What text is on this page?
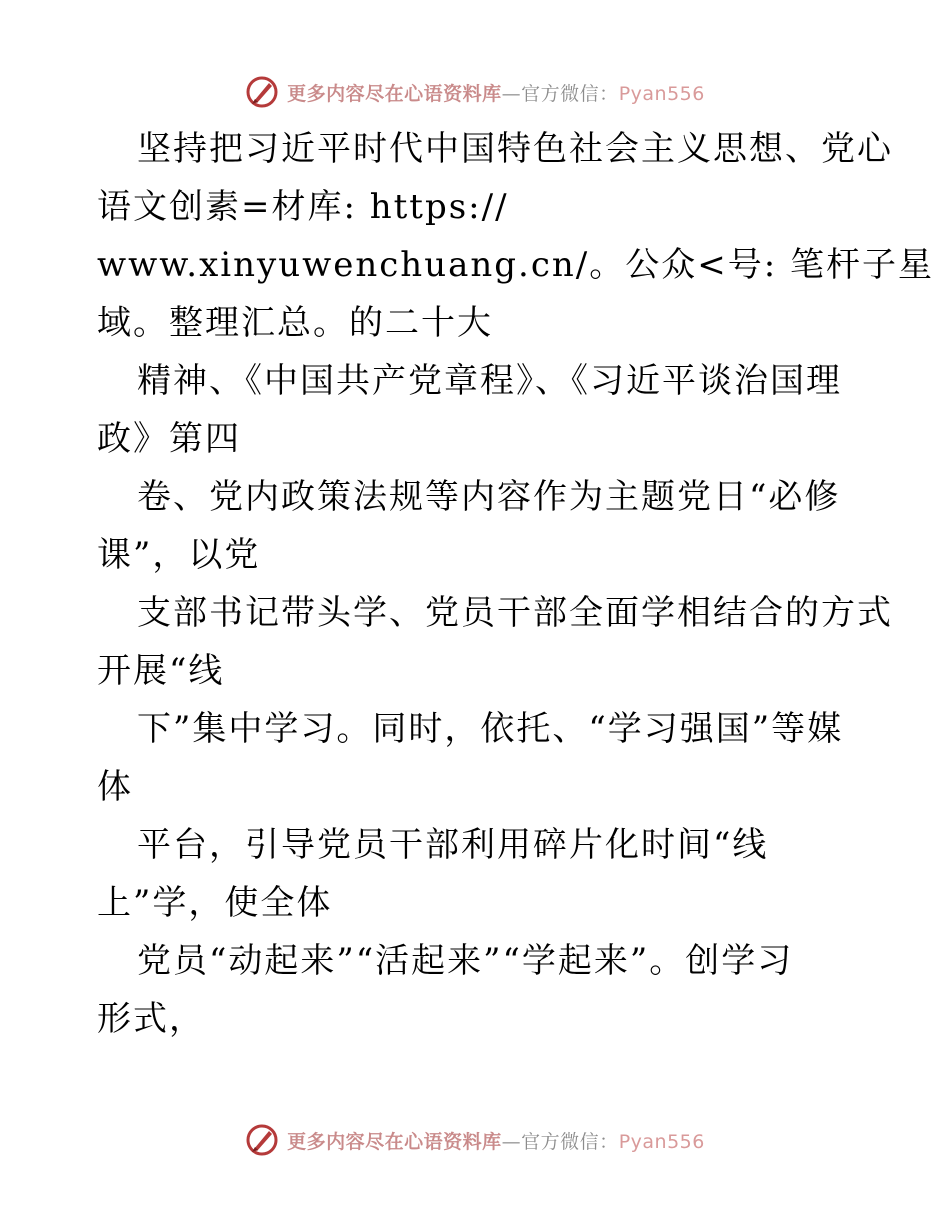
更多内容尽在心语资料库—官方微信：Pyan556
坚持把习近平时代中国特色社会主义思想、党心
语文创素=材库: https://
www.xinyuwenchuang.cn/。公众<号: 笔杆子星
域。整理汇总。的二十大
精神、《中国共产党章程》、《习近平谈治国理
政》第四
卷、党内政策法规等内容作为主题党日“必修
课”，以党
支部书记带头学、党员干部全面学相结合的方式
开展“线
下”集中学习。同时，依托、“学习强国”等媒
体
平台，引导党员干部利用碎片化时间“线
上”学，使全体
党员“动起来”“活起来”“学起来”。创学习
形式，
更多内容尽在心语资料库—官方微信：Pyan556
